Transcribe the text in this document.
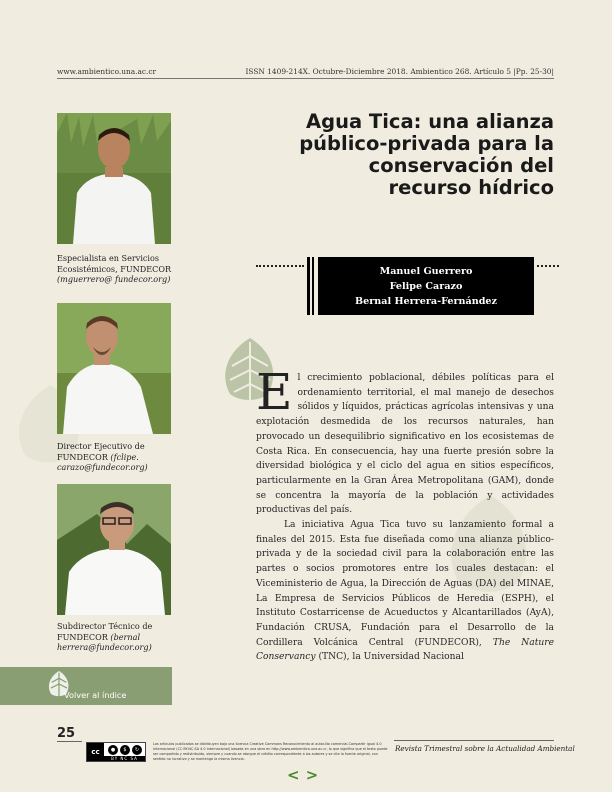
www.ambientico.una.ac.cr	ISSN 1409-214X. Octubre-Diciembre 2018. Ambientico 268. Artículo 5 |Pp. 25-30|
Especialista en Servicios Ecosistémicos, FUNDECOR (mguerrero@ fundecor.org)
Director Ejecutivo de FUNDECOR (fclipe. carazo@fundecor.org)
Subdirector Técnico de FUNDECOR (bernal herrera@fundecor.org)
Agua Tica: una alianza
público-privada para la
conservación del
recurso hídrico
Manuel Guerrero
Felipe Carazo
Bernal Herrera-Fernández

El crecimiento poblacional, débiles políticas para el ordenamiento territorial, el mal manejo de desechos sólidos y líquidos, prácticas agrícolas intensivas y una explotación desmedida de los recursos naturales, han provocado un desequilibrio significativo en los ecosistemas de Costa Rica. En consecuencia, hay una fuerte presión sobre la diversidad biológica y el ciclo del agua en sitios específicos, particularmente en la Gran Área Metropolitana (GAM), donde se concentra la mayoría de la población y actividades productivas del país.

La iniciativa Agua Tica tuvo su lanzamiento formal a finales del 2015. Esta fue diseñada como una alianza público-privada y de la sociedad civil para la colaboración entre las partes o socios promotores entre los cuales destacan: el Viceministerio de Agua, la Dirección de Aguas (DA) del MINAE, La Empresa de Servicios Públicos de Heredia (ESPH), el Instituto Costarricense de Acueductos y Alcantarillados (AyA), Fundación CRUSA, Fundación para el Desarrollo de la Cordillera Volcánica Central (FUNDECOR), The Nature Conservancy (TNC), la Universidad Nacional

Volver al índice
25
cc	●	$	↻
BY NC SA
Los artículos publicados se distribuyen bajo una licencia Creative Commons Reconocimiento al autor-No comercial-Compartir igual 4.0 Internacional (CC BY-NC-SA 4.0 Internacional) basada en una obra en http://www.ambientico.una.ac.cr, lo que significa que el texto puede ser compartido y redistribuido, siempre y cuando se otorgue el crédito correspondiente a los autores y se cite la fuente original, con sentido no lucrativo y se mantenga la misma licencia.
Revista Trimestral sobre la Actualidad Ambiental
<>
